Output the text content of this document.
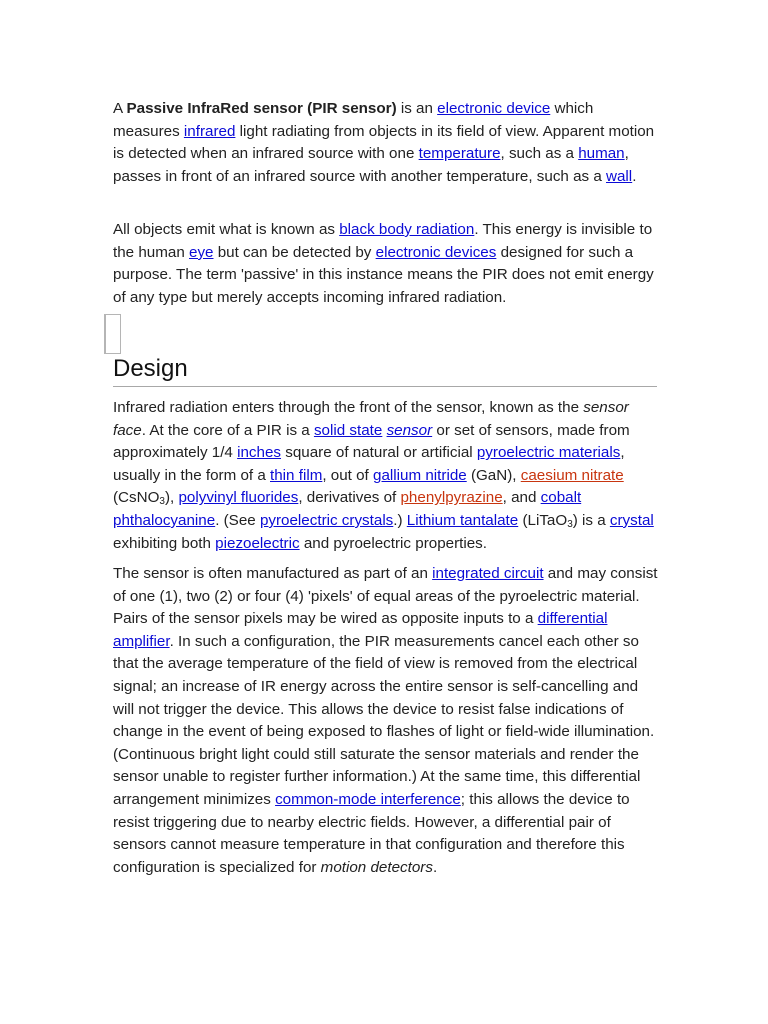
A Passive InfraRed sensor (PIR sensor) is an electronic device which measures infrared light radiating from objects in its field of view. Apparent motion is detected when an infrared source with one temperature, such as a human, passes in front of an infrared source with another temperature, such as a wall.

All objects emit what is known as black body radiation. This energy is invisible to the human eye but can be detected by electronic devices designed for such a purpose. The term 'passive' in this instance means the PIR does not emit energy of any type but merely accepts incoming infrared radiation.

Design

Infrared radiation enters through the front of the sensor, known as the sensor face. At the core of a PIR is a solid state sensor or set of sensors, made from approximately 1/4 inches square of natural or artificial pyroelectric materials, usually in the form of a thin film, out of gallium nitride (GaN), caesium nitrate (CsNO$_3$), polyvinyl fluorides, derivatives of phenylpyrazine, and cobalt phthalocyanine. (See pyroelectric crystals.) Lithium tantalate (LiTaO$_3$) is a crystal exhibiting both piezoelectric and pyroelectric properties.

The sensor is often manufactured as part of an integrated circuit and may consist of one (1), two (2) or four (4) 'pixels' of equal areas of the pyroelectric material. Pairs of the sensor pixels may be wired as opposite inputs to a differential amplifier. In such a configuration, the PIR measurements cancel each other so that the average temperature of the field of view is removed from the electrical signal; an increase of IR energy across the entire sensor is self-cancelling and will not trigger the device. This allows the device to resist false indications of change in the event of being exposed to flashes of light or field-wide illumination. (Continuous bright light could still saturate the sensor materials and render the sensor unable to register further information.) At the same time, this differential arrangement minimizes common-mode interference; this allows the device to resist triggering due to nearby electric fields. However, a differential pair of sensors cannot measure temperature in that configuration and therefore this configuration is specialized for motion detectors.
